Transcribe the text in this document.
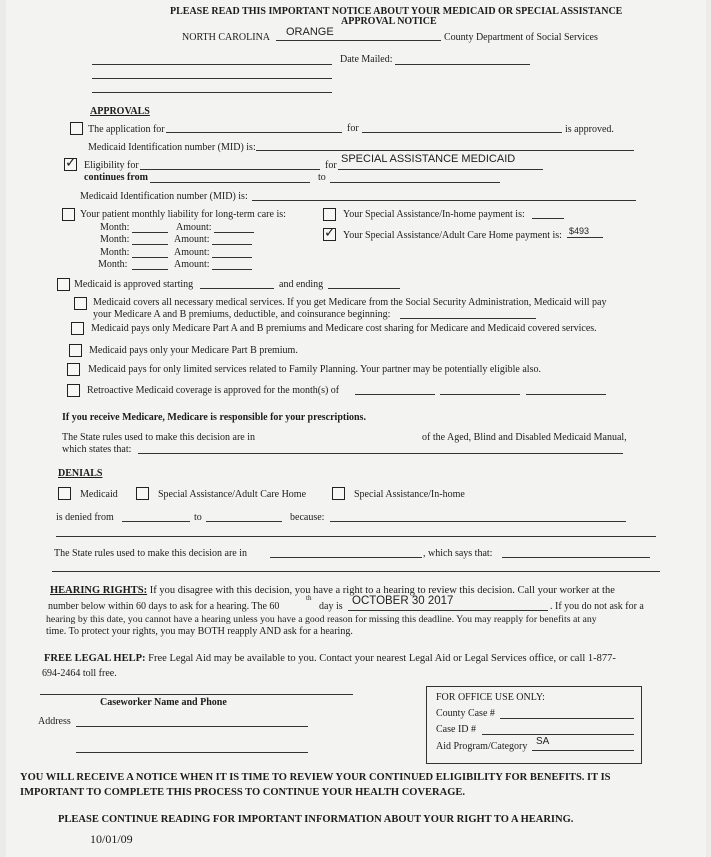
PLEASE READ THIS IMPORTANT NOTICE ABOUT YOUR MEDICAID OR SPECIAL ASSISTANCE
APPROVAL NOTICE
NORTH CAROLINA ORANGE	County Department of Social Services
Date Mailed:
APPROVALS
The application for	for	is approved.
Medicaid Identification number (MID) is:
✓
Eligibility for	for
SPECIAL ASSISTANCE MEDICAID
continues from	to
Medicaid Identification number (MID) is:
Your patient monthly liability for long-term care is:
Month:	Amount:
Month:	Amount:
Month:	Amount:
Month:	Amount:
Your Special Assistance/In-home payment is:
✓
Your Special Assistance/Adult Care Home payment is: $493
Medicaid is approved starting	and ending
Medicaid covers all necessary medical services. If you get Medicare from the Social Security Administration, Medicaid will pay
your Medicare A and B premiums, deductible, and coinsurance beginning:
Medicaid pays only Medicare Part A and B premiums and Medicare cost sharing for Medicare and Medicaid covered services.
Medicaid pays only your Medicare Part B premium.
Medicaid pays for only limited services related to Family Planning. Your partner may be potentially eligible also.
Retroactive Medicaid coverage is approved for the month(s) of
If you receive Medicare, Medicare is responsible for your prescriptions.
The State rules used to make this decision are in	of the Aged, Blind and Disabled Medicaid Manual,
which states that:
DENIALS
Medicaid	Special Assistance/Adult Care Home	Special Assistance/In-home
is denied from	to	because:
The State rules used to make this decision are in	, which says that:
HEARING RIGHTS: If you disagree with this decision, you have a right to a hearing to review this decision. Call your worker at the
number below within 60 days to ask for a hearing. The 60
th
day is OCTOBER 30 2017	. If you do not ask for a
hearing by this date, you cannot have a hearing unless you have a good reason for missing this deadline. You may reapply for benefits at any
time. To protect your rights, you may BOTH reapply AND ask for a hearing.
FREE LEGAL HELP: Free Legal Aid may be available to you. Contact your nearest Legal Aid or Legal Services office, or call 1-877-
694-2464 toll free.
Caseworker Name and Phone
Address
FOR OFFICE USE ONLY:
County Case #
Case ID #
Aid Program/Category SA
YOU WILL RECEIVE A NOTICE WHEN IT IS TIME TO REVIEW YOUR CONTINUED ELIGIBILITY FOR BENEFITS. IT IS
IMPORTANT TO COMPLETE THIS PROCESS TO CONTINUE YOUR HEALTH COVERAGE.
PLEASE CONTINUE READING FOR IMPORTANT INFORMATION ABOUT YOUR RIGHT TO A HEARING.
10/01/09
